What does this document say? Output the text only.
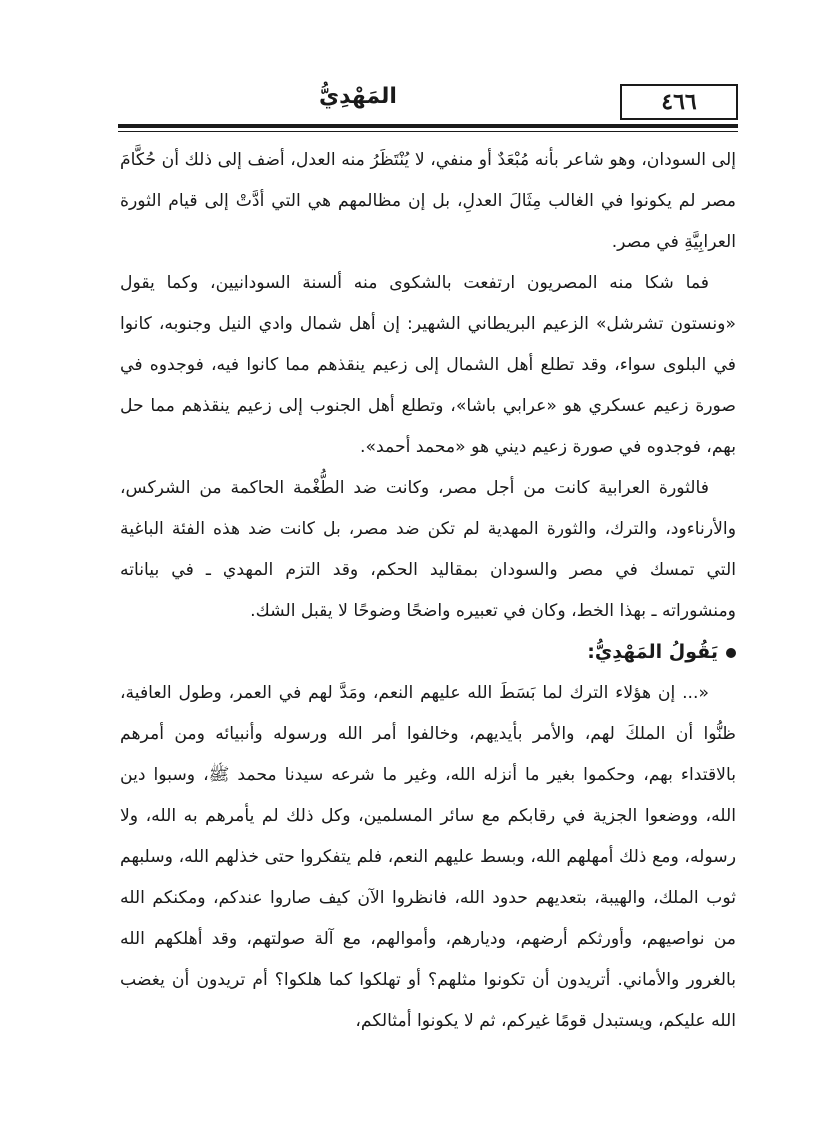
٤٦٦
المَهْدِيُّ

إلى السودان، وهو شاعر بأنه مُبْعَدٌ أو منفي، لا يُنْتَظَرُ منه العدل، أضف إلى ذلك أن حُكَّامَ مصر لم يكونوا في الغالب مِثَالَ العدلِ، بل إن مظالمهم هي التي أدَّتْ إلى قيام الثورة العرابِيَّةِ في مصر.

فما شكا منه المصريون ارتفعت بالشكوى منه ألسنة السودانيين، وكما يقول «ونستون تشرشل» الزعيم البريطاني الشهير: إن أهل شمال وادي النيل وجنوبه، كانوا في البلوى سواء، وقد تطلع أهل الشمال إلى زعيم ينقذهم مما كانوا فيه، فوجدوه في صورة زعيم عسكري هو «عرابي باشا»، وتطلع أهل الجنوب إلى زعيم ينقذهم مما حل بهم، فوجدوه في صورة زعيم ديني هو «محمد أحمد».

فالثورة العرابية كانت من أجل مصر، وكانت ضد الطُّغْمة الحاكمة من الشركس، والأرناءود، والترك، والثورة المهدية لم تكن ضد مصر، بل كانت ضد هذه الفئة الباغية التي تمسك في مصر والسودان بمقاليد الحكم، وقد التزم المهدي ـ في بياناته ومنشوراته ـ بهذا الخط، وكان في تعبيره واضحًا وضوحًا لا يقبل الشك.

يَقُولُ المَهْدِيُّ:

«... إن هؤلاء الترك لما بَسَطَ الله عليهم النعم، ومَدَّ لهم في العمر، وطول العافية، ظنُّوا أن الملكَ لهم، والأمر بأيديهم، وخالفوا أمر الله ورسوله وأنبيائه ومن أمرهم بالاقتداء بهم، وحكموا بغير ما أنزله الله، وغير ما شرعه سيدنا محمد ﷺ، وسبوا دين الله، ووضعوا الجزية في رقابكم مع سائر المسلمين، وكل ذلك لم يأمرهم به الله، ولا رسوله، ومع ذلك أمهلهم الله، وبسط عليهم النعم، فلم يتفكروا حتى خذلهم الله، وسلبهم ثوب الملك، والهيبة، بتعديهم حدود الله، فانظروا الآن كيف صاروا عندكم، ومكنكم الله من نواصيهم، وأورثكم أرضهم، وديارهم، وأموالهم، مع آلة صولتهم، وقد أهلكهم الله بالغرور والأماني. أتريدون أن تكونوا مثلهم؟ أو تهلكوا كما هلكوا؟ أم تريدون أن يغضب الله عليكم، ويستبدل قومًا غيركم، ثم لا يكونوا أمثالكم،
